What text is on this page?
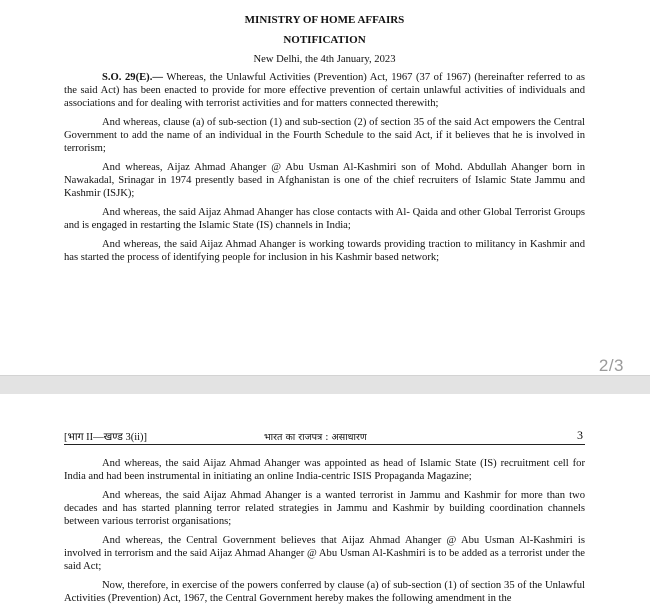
MINISTRY OF HOME AFFAIRS
NOTIFICATION
New Delhi, the 4th January, 2023

S.O. 29(E).— Whereas, the Unlawful Activities (Prevention) Act, 1967 (37 of 1967) (hereinafter referred to as the said Act) has been enacted to provide for more effective prevention of certain unlawful activities of individuals and associations and for dealing with terrorist activities and for matters connected therewith;

And whereas, clause (a) of sub-section (1) and sub-section (2) of section 35 of the said Act empowers the Central Government to add the name of an individual in the Fourth Schedule to the said Act, if it believes that he is involved in terrorism;

And whereas, Aijaz Ahmad Ahanger @ Abu Usman Al-Kashmiri son of Mohd. Abdullah Ahanger born in Nawakadal, Srinagar in 1974 presently based in Afghanistan is one of the chief recruiters of Islamic State Jammu and Kashmir (ISJK);

And whereas, the said Aijaz Ahmad Ahanger has close contacts with Al- Qaida and other Global Terrorist Groups and is engaged in restarting the Islamic State (IS) channels in India;

And whereas, the said Aijaz Ahmad Ahanger is working towards providing traction to militancy in Kashmir and has started the process of identifying people for inclusion in his Kashmir based network;

2/3
[भाग II—खण्ड 3(ii)]	भारत का राजपत्र : असाधारण	3

And whereas, the said Aijaz Ahmad Ahanger was appointed as head of Islamic State (IS) recruitment cell for India and had been instrumental in initiating an online India-centric ISIS Propaganda Magazine;

And whereas, the said Aijaz Ahmad Ahanger is a wanted terrorist in Jammu and Kashmir for more than two decades and has started planning terror related strategies in Jammu and Kashmir by building coordination channels between various terrorist organisations;

And whereas, the Central Government believes that Aijaz Ahmad Ahanger @ Abu Usman Al-Kashmiri is involved in terrorism and the said Aijaz Ahmad Ahanger @ Abu Usman Al-Kashmiri is to be added as a terrorist under the said Act;

Now, therefore, in exercise of the powers conferred by clause (a) of sub-section (1) of section 35 of the Unlawful Activities (Prevention) Act, 1967, the Central Government hereby makes the following amendment in the
